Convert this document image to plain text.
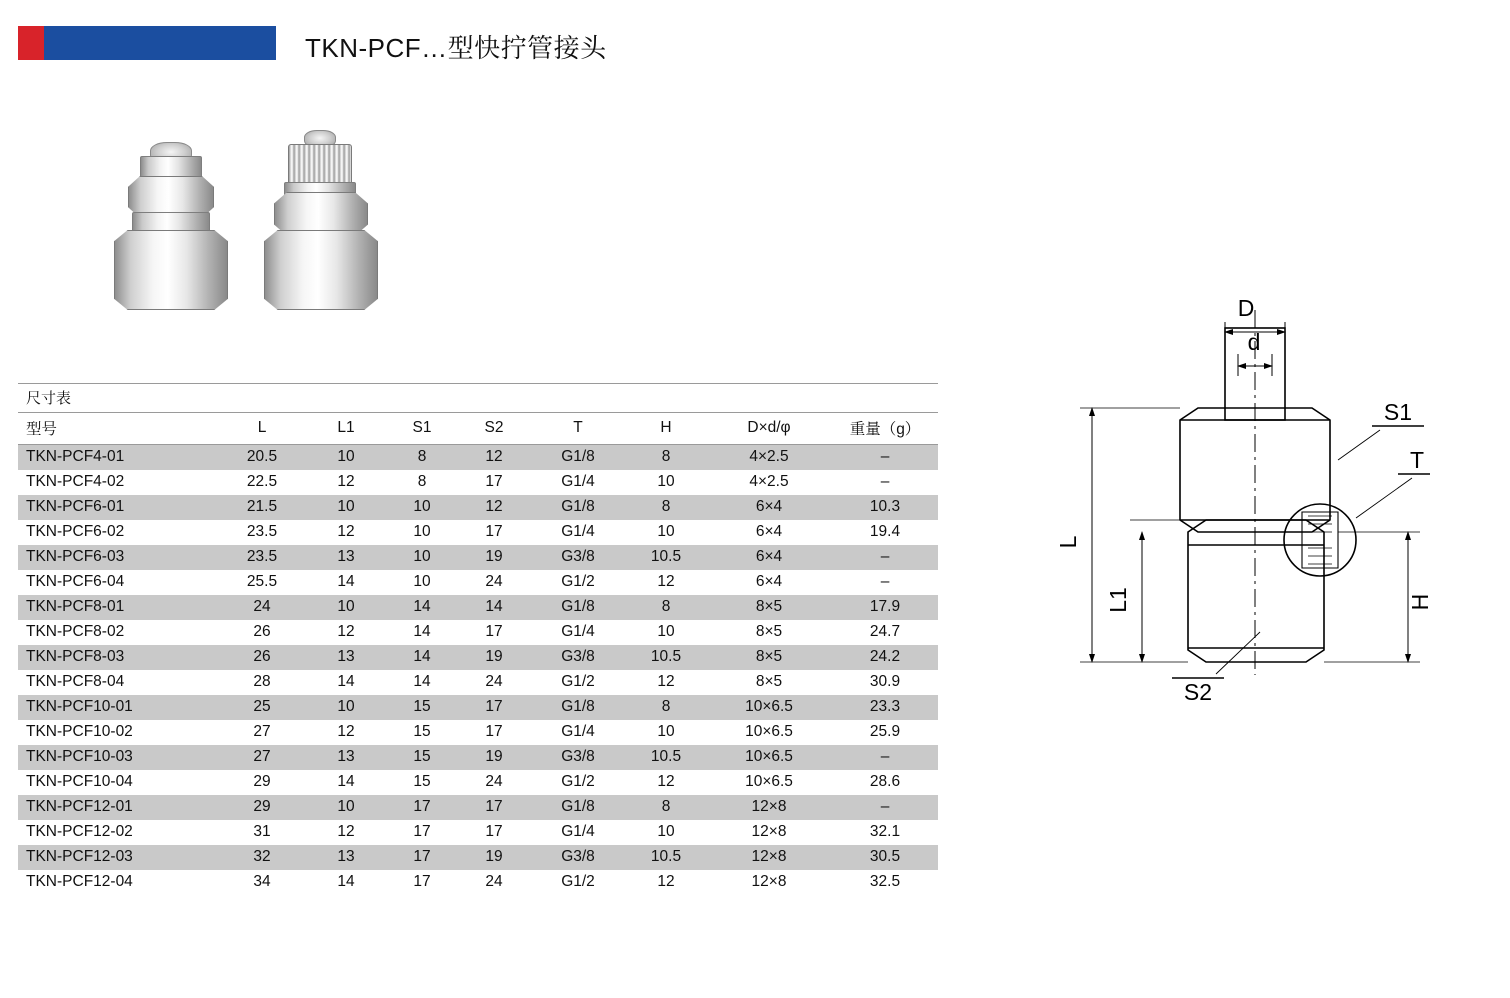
TKN-PCF…型快拧管接头
尺寸表
型号	L	L1	S1	S2	T	H	D×d/φ	重量（g）
TKN-PCF4-01	20.5	10	8	12	G1/8	8	4×2.5	–
TKN-PCF4-02	22.5	12	8	17	G1/4	10	4×2.5	–
TKN-PCF6-01	21.5	10	10	12	G1/8	8	6×4	10.3
TKN-PCF6-02	23.5	12	10	17	G1/4	10	6×4	19.4
TKN-PCF6-03	23.5	13	10	19	G3/8	10.5	6×4	–
TKN-PCF6-04	25.5	14	10	24	G1/2	12	6×4	–
TKN-PCF8-01	24	10	14	14	G1/8	8	8×5	17.9
TKN-PCF8-02	26	12	14	17	G1/4	10	8×5	24.7
TKN-PCF8-03	26	13	14	19	G3/8	10.5	8×5	24.2
TKN-PCF8-04	28	14	14	24	G1/2	12	8×5	30.9
TKN-PCF10-01	25	10	15	17	G1/8	8	10×6.5	23.3
TKN-PCF10-02	27	12	15	17	G1/4	10	10×6.5	25.9
TKN-PCF10-03	27	13	15	19	G3/8	10.5	10×6.5	–
TKN-PCF10-04	29	14	15	24	G1/2	12	10×6.5	28.6
TKN-PCF12-01	29	10	17	17	G1/8	8	12×8	–
TKN-PCF12-02	31	12	17	17	G1/4	10	12×8	32.1
TKN-PCF12-03	32	13	17	19	G3/8	10.5	12×8	30.5
TKN-PCF12-04	34	14	17	24	G1/2	12	12×8	32.5
D
d
S1
T
S2
L
L1	H
